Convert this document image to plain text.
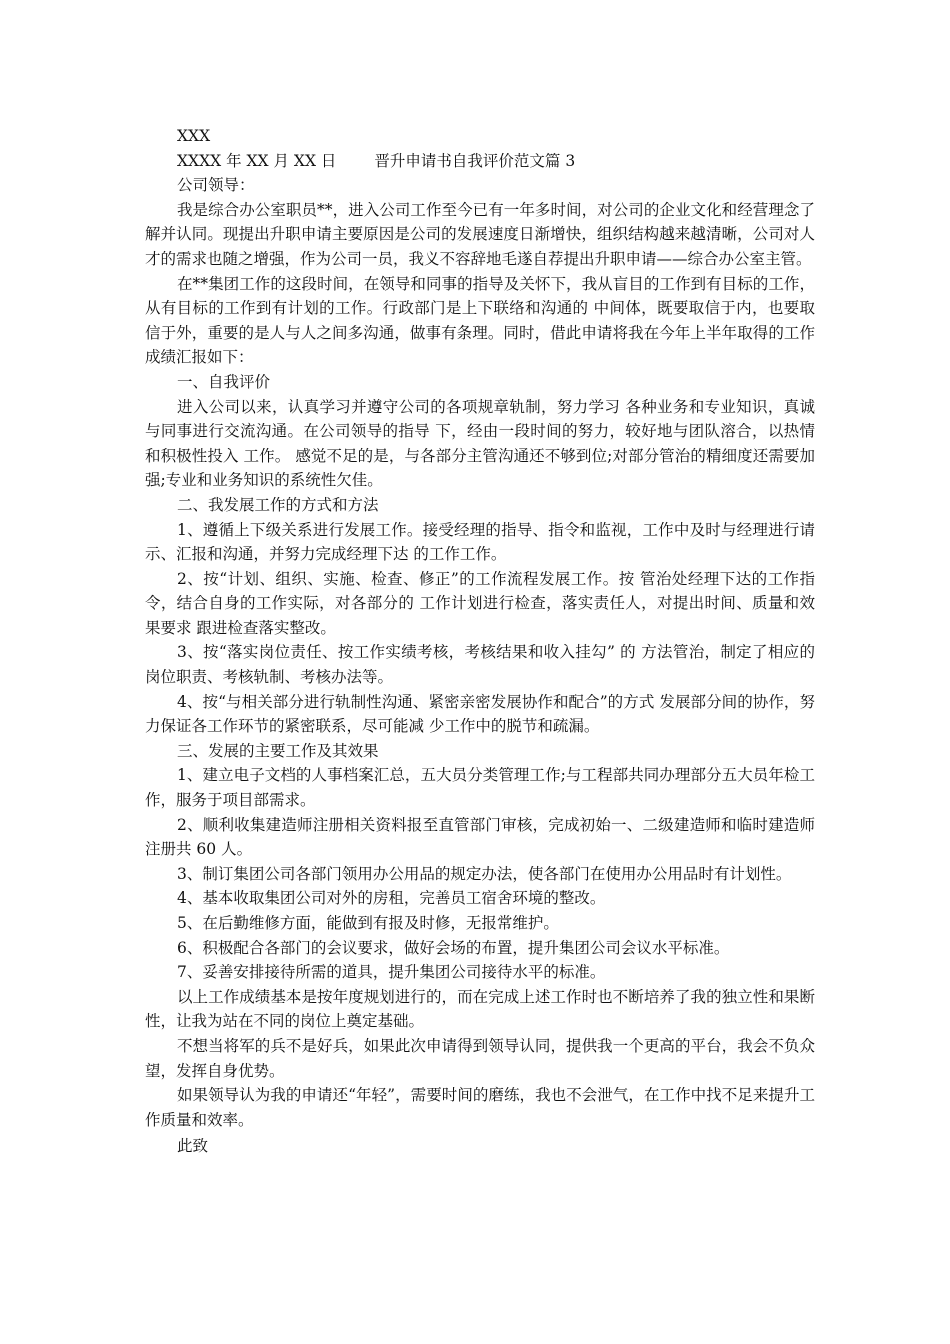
XXX
XXXX 年 XX 月 XX 日 晋升申请书自我评价范文篇 3
公司领导：

我是综合办公室职员**，进入公司工作至今已有一年多时间，对公司的企业文化和经营理念了解并认同。现提出升职申请主要原因是公司的发展速度日渐增快，组织结构越来越清晰，公司对人才的需求也随之增强，作为公司一员，我义不容辞地毛遂自荐提出升职申请——综合办公室主管。

在**集团工作的这段时间，在领导和同事的指导及关怀下，我从盲目的工作到有目标的工作，从有目标的工作到有计划的工作。行政部门是上下联络和沟通的 中间体，既要取信于内，也要取信于外，重要的是人与人之间多沟通，做事有条理。同时，借此申请将我在今年上半年取得的工作成绩汇报如下：

一、自我评价

进入公司以来，认真学习并遵守公司的各项规章轨制，努力学习 各种业务和专业知识，真诚与同事进行交流沟通。在公司领导的指导 下，经由一段时间的努力，较好地与团队溶合，以热情和积极性投入 工作。 感觉不足的是，与各部分主管沟通还不够到位;对部分管治的精细度还需要加强;专业和业务知识的系统性欠佳。

二、我发展工作的方式和方法

1、遵循上下级关系进行发展工作。接受经理的指导、指令和监视，工作中及时与经理进行请示、汇报和沟通，并努力完成经理下达 的工作工作。

2、按“计划、组织、实施、检查、修正”的工作流程发展工作。按 管治处经理下达的工作指令，结合自身的工作实际，对各部分的 工作计划进行检查，落实责任人，对提出时间、质量和效果要求 跟进检查落实整改。

3、按“落实岗位责任、按工作实绩考核，考核结果和收入挂勾” 的 方法管治，制定了相应的岗位职责、考核轨制、考核办法等。

4、按“与相关部分进行轨制性沟通、紧密亲密发展协作和配合”的方式 发展部分间的协作，努力保证各工作环节的紧密联系，尽可能减 少工作中的脱节和疏漏。

三、发展的主要工作及其效果

1、建立电子文档的人事档案汇总，五大员分类管理工作;与工程部共同办理部分五大员年检工作，服务于项目部需求。

2、顺利收集建造师注册相关资料报至直管部门审核，完成初始一、二级建造师和临时建造师注册共 60 人。

3、制订集团公司各部门领用办公用品的规定办法，使各部门在使用办公用品时有计划性。

4、基本收取集团公司对外的房租，完善员工宿舍环境的整改。

5、在后勤维修方面，能做到有报及时修，无报常维护。

6、积极配合各部门的会议要求，做好会场的布置，提升集团公司会议水平标准。

7、妥善安排接待所需的道具，提升集团公司接待水平的标准。

以上工作成绩基本是按年度规划进行的，而在完成上述工作时也不断培养了我的独立性和果断性，让我为站在不同的岗位上奠定基础。

不想当将军的兵不是好兵，如果此次申请得到领导认同，提供我一个更高的平台，我会不负众望，发挥自身优势。

如果领导认为我的申请还“年轻”，需要时间的磨练，我也不会泄气，在工作中找不足来提升工作质量和效率。

此致
